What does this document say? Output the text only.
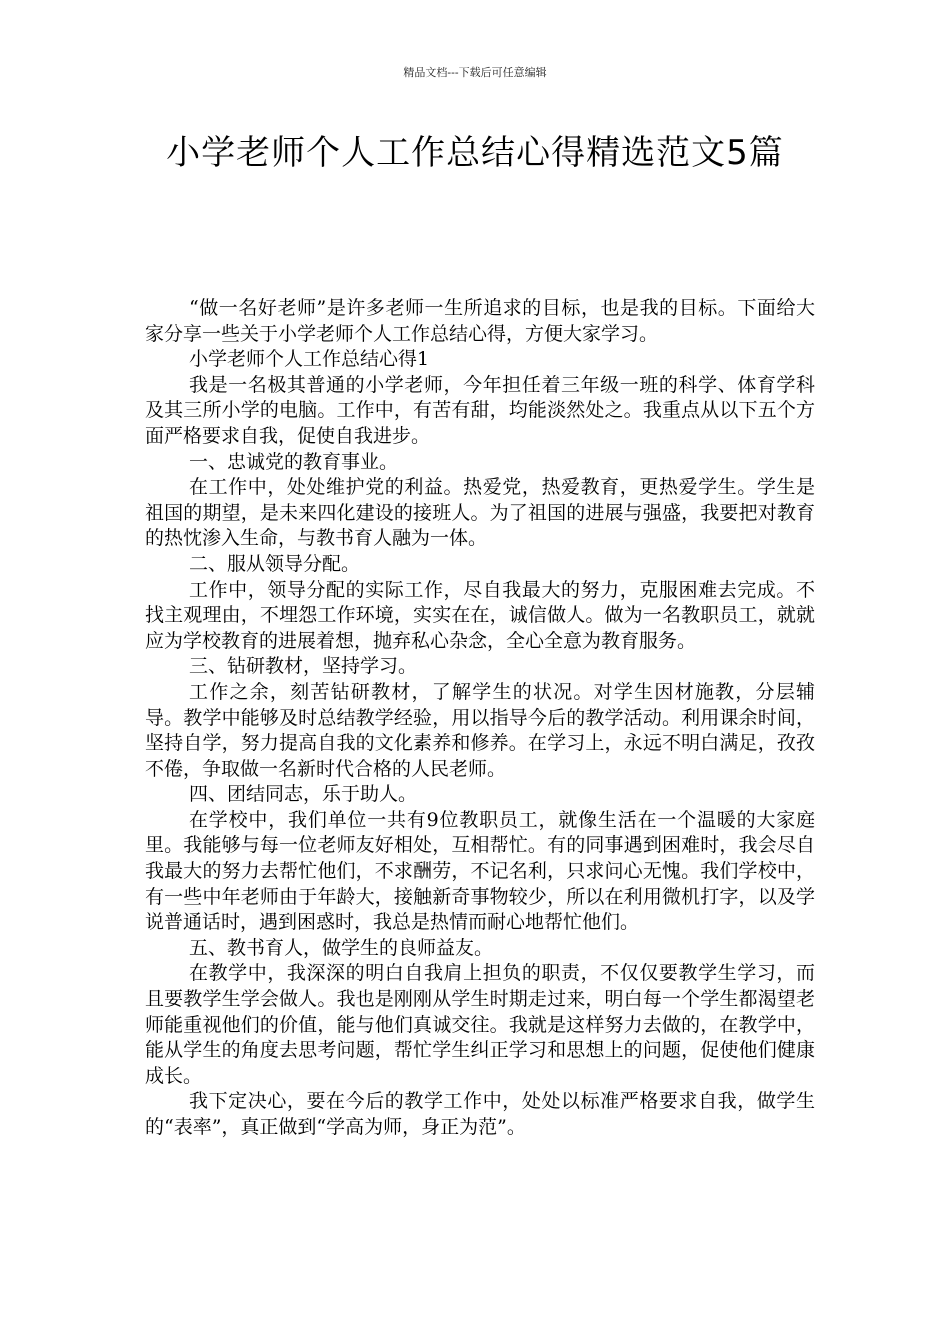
精品文档---下载后可任意编辑
小学老师个人工作总结心得精选范文5篇

“做一名好老师”是许多老师一生所追求的目标，也是我的目标。下面给大家分享一些关于小学老师个人工作总结心得，方便大家学习。

小学老师个人工作总结心得1

我是一名极其普通的小学老师，今年担任着三年级一班的科学、体育学科及其三所小学的电脑。工作中，有苦有甜，均能淡然处之。我重点从以下五个方面严格要求自我，促使自我进步。

一、忠诚党的教育事业。

在工作中，处处维护党的利益。热爱党，热爱教育，更热爱学生。学生是祖国的期望，是未来四化建设的接班人。为了祖国的进展与强盛，我要把对教育的热忱渗入生命，与教书育人融为一体。

二、服从领导分配。

工作中，领导分配的实际工作，尽自我最大的努力，克服困难去完成。不找主观理由，不埋怨工作环境，实实在在，诚信做人。做为一名教职员工，就就应为学校教育的进展着想，抛弃私心杂念，全心全意为教育服务。

三、钻研教材，坚持学习。

工作之余，刻苦钻研教材，了解学生的状况。对学生因材施教，分层辅导。教学中能够及时总结教学经验，用以指导今后的教学活动。利用课余时间，坚持自学，努力提高自我的文化素养和修养。在学习上，永远不明白满足，孜孜不倦，争取做一名新时代合格的人民老师。

四、团结同志，乐于助人。

在学校中，我们单位一共有9位教职员工，就像生活在一个温暖的大家庭里。我能够与每一位老师友好相处，互相帮忙。有的同事遇到困难时，我会尽自我最大的努力去帮忙他们，不求酬劳，不记名利，只求问心无愧。我们学校中，有一些中年老师由于年龄大，接触新奇事物较少，所以在利用微机打字，以及学说普通话时，遇到困惑时，我总是热情而耐心地帮忙他们。

五、教书育人，做学生的良师益友。

在教学中，我深深的明白自我肩上担负的职责，不仅仅要教学生学习，而且要教学生学会做人。我也是刚刚从学生时期走过来，明白每一个学生都渴望老师能重视他们的价值，能与他们真诚交往。我就是这样努力去做的，在教学中，能从学生的角度去思考问题，帮忙学生纠正学习和思想上的问题，促使他们健康成长。

我下定决心，要在今后的教学工作中，处处以标准严格要求自我，做学生的“表率”，真正做到“学高为师，身正为范”。
